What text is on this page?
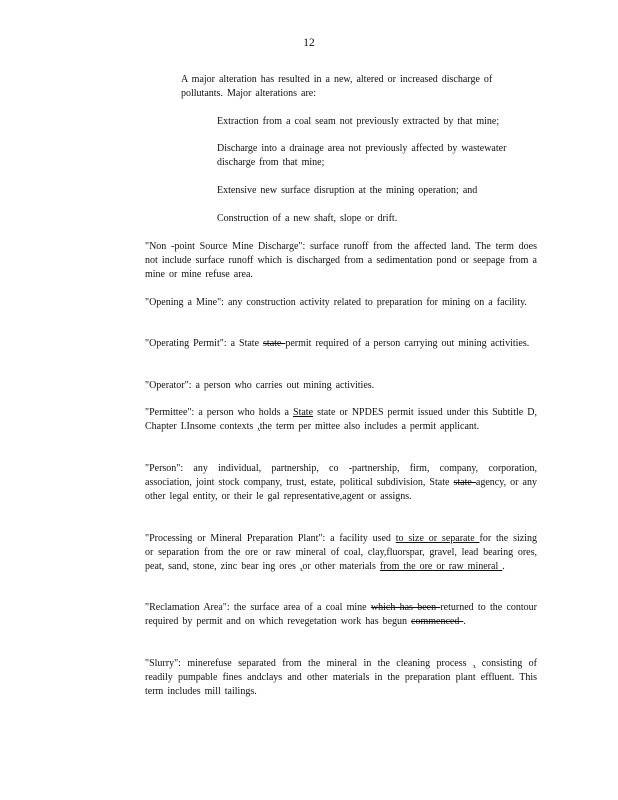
12

A major alteration has resulted in a new, altered or increased discharge of pollutants. Major alterations are:

Extraction from a coal seam not previously extracted by that mine;

Discharge into a drainage area not previously affected by wastewater discharge from that mine;

Extensive new surface disruption at the mining operation; and

Construction of a new shaft, slope or drift.

"Non -point Source Mine Discharge": surface runoff from the affected land. The term does not include surface runoff which is discharged from a sedimentation pond or seepage from a mine or mine refuse area.

"Opening a Mine": any construction activity related to preparation for mining on a facility.

"Operating Permit": a State state permit required of a person carrying out mining activities.

"Operator": a person who carries out mining activities.

"Permittee": a person who holds a State state or NPDES permit issued under this Subtitle D, Chapter I.Insome contexts ,the term per mittee also includes a permit applicant.

"Person": any individual, partnership, co -partnership, firm, company, corporation, association, joint stock company, trust, estate, political subdivision, State state agency, or any other legal entity, or their le gal representative,agent or assigns.

"Processing or Mineral Preparation Plant": a facility used to size or separate for the sizing or separation from the ore or raw mineral of coal, clay,fluorspar, gravel, lead bearing ores, peat, sand, stone, zinc bear ing ores ,or other materials from the ore or raw mineral .

"Reclamation Area": the surface area of a coal mine which has been returned to the contour required by permit and on which revegetation work has begun commenced .

"Slurry": minerefuse separated from the mineral in the cleaning process , consisting of readily pumpable fines andclays and other materials in the preparation plant effluent. This term includes mill tailings.
